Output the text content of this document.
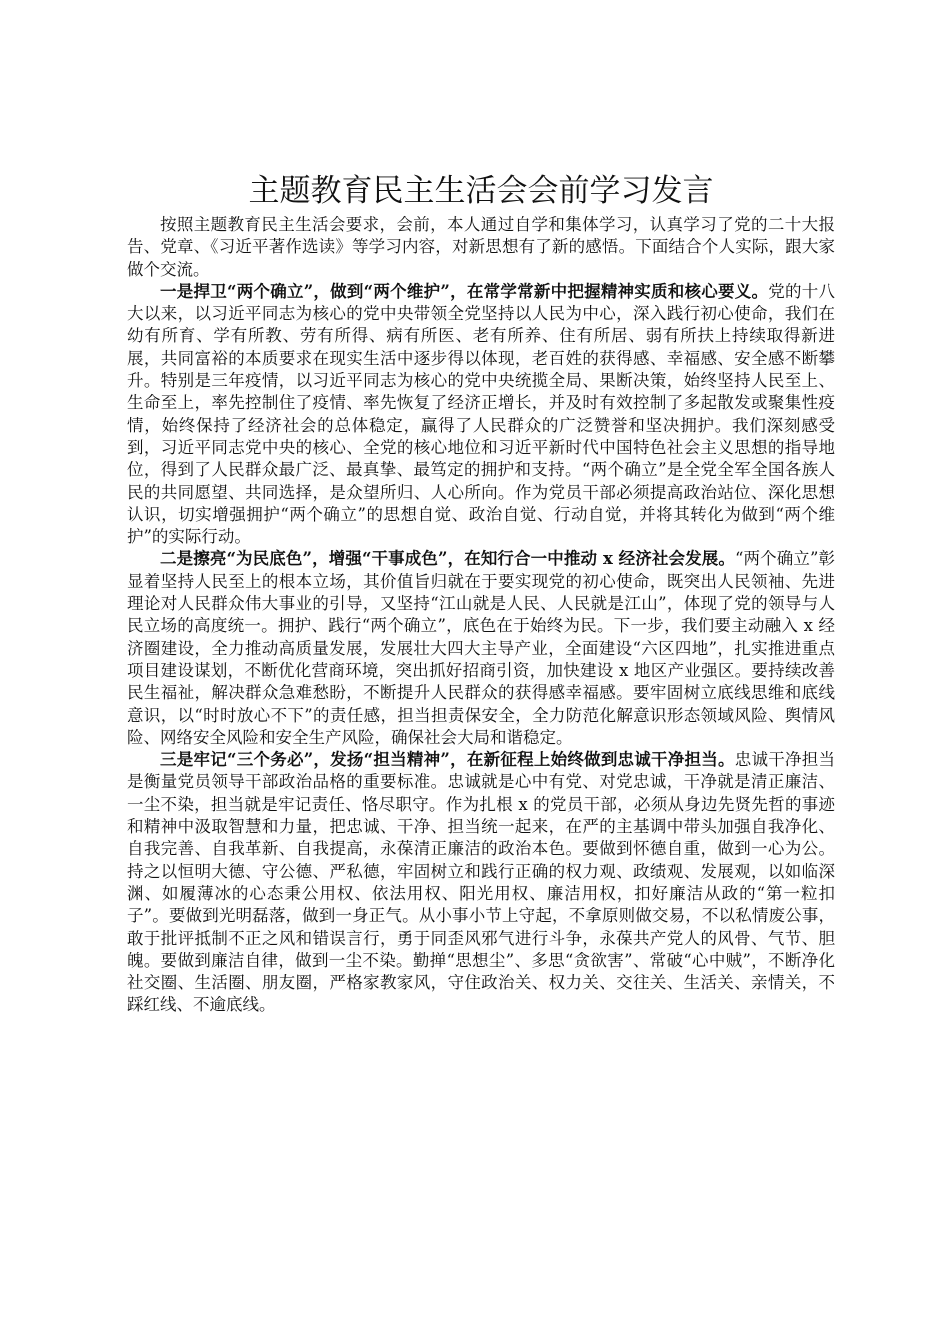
主题教育民主生活会会前学习发言

按照主题教育民主生活会要求，会前，本人通过自学和集体学习，认真学习了党的二十大报告、党章、《习近平著作选读》等学习内容，对新思想有了新的感悟。下面结合个人实际，跟大家做个交流。

一是捍卫“两个确立”，做到“两个维护”，在常学常新中把握精神实质和核心要义。党的十八大以来，以习近平同志为核心的党中央带领全党坚持以人民为中心，深入践行初心使命，我们在幼有所育、学有所教、劳有所得、病有所医、老有所养、住有所居、弱有所扶上持续取得新进展，共同富裕的本质要求在现实生活中逐步得以体现，老百姓的获得感、幸福感、安全感不断攀升。特别是三年疫情，以习近平同志为核心的党中央统揽全局、果断决策，始终坚持人民至上、生命至上，率先控制住了疫情、率先恢复了经济正增长，并及时有效控制了多起散发或聚集性疫情，始终保持了经济社会的总体稳定，赢得了人民群众的广泛赞誉和坚决拥护。我们深刻感受到，习近平同志党中央的核心、全党的核心地位和习近平新时代中国特色社会主义思想的指导地位，得到了人民群众最广泛、最真挚、最笃定的拥护和支持。“两个确立”是全党全军全国各族人民的共同愿望、共同选择，是众望所归、人心所向。作为党员干部必须提高政治站位、深化思想认识，切实增强拥护“两个确立”的思想自觉、政治自觉、行动自觉，并将其转化为做到“两个维护”的实际行动。

二是擦亮“为民底色”，增强“干事成色”，在知行合一中推动 x 经济社会发展。“两个确立”彰显着坚持人民至上的根本立场，其价值旨归就在于要实现党的初心使命，既突出人民领袖、先进理论对人民群众伟大事业的引导，又坚持“江山就是人民、人民就是江山”，体现了党的领导与人民立场的高度统一。拥护、践行“两个确立”，底色在于始终为民。下一步，我们要主动融入 x 经济圈建设，全力推动高质量发展，发展壮大四大主导产业，全面建设“六区四地”，扎实推进重点项目建设谋划，不断优化营商环境，突出抓好招商引资，加快建设 x 地区产业强区。要持续改善民生福祉，解决群众急难愁盼，不断提升人民群众的获得感幸福感。要牢固树立底线思维和底线意识，以“时时放心不下”的责任感，担当担责保安全，全力防范化解意识形态领域风险、舆情风险、网络安全风险和安全生产风险，确保社会大局和谐稳定。

三是牢记“三个务必”，发扬“担当精神”，在新征程上始终做到忠诚干净担当。忠诚干净担当是衡量党员领导干部政治品格的重要标准。忠诚就是心中有党、对党忠诚，干净就是清正廉洁、一尘不染，担当就是牢记责任、恪尽职守。作为扎根 x 的党员干部，必须从身边先贤先哲的事迹和精神中汲取智慧和力量，把忠诚、干净、担当统一起来，在严的主基调中带头加强自我净化、自我完善、自我革新、自我提高，永葆清正廉洁的政治本色。要做到怀德自重，做到一心为公。持之以恒明大德、守公德、严私德，牢固树立和践行正确的权力观、政绩观、发展观，以如临深渊、如履薄冰的心态秉公用权、依法用权、阳光用权、廉洁用权，扣好廉洁从政的“第一粒扣子”。要做到光明磊落，做到一身正气。从小事小节上守起，不拿原则做交易，不以私情废公事，敢于批评抵制不正之风和错误言行，勇于同歪风邪气进行斗争，永葆共产党人的风骨、气节、胆魄。要做到廉洁自律，做到一尘不染。勤掸“思想尘”、多思“贪欲害”、常破“心中贼”，不断净化社交圈、生活圈、朋友圈，严格家教家风，守住政治关、权力关、交往关、生活关、亲情关，不踩红线、不逾底线。
